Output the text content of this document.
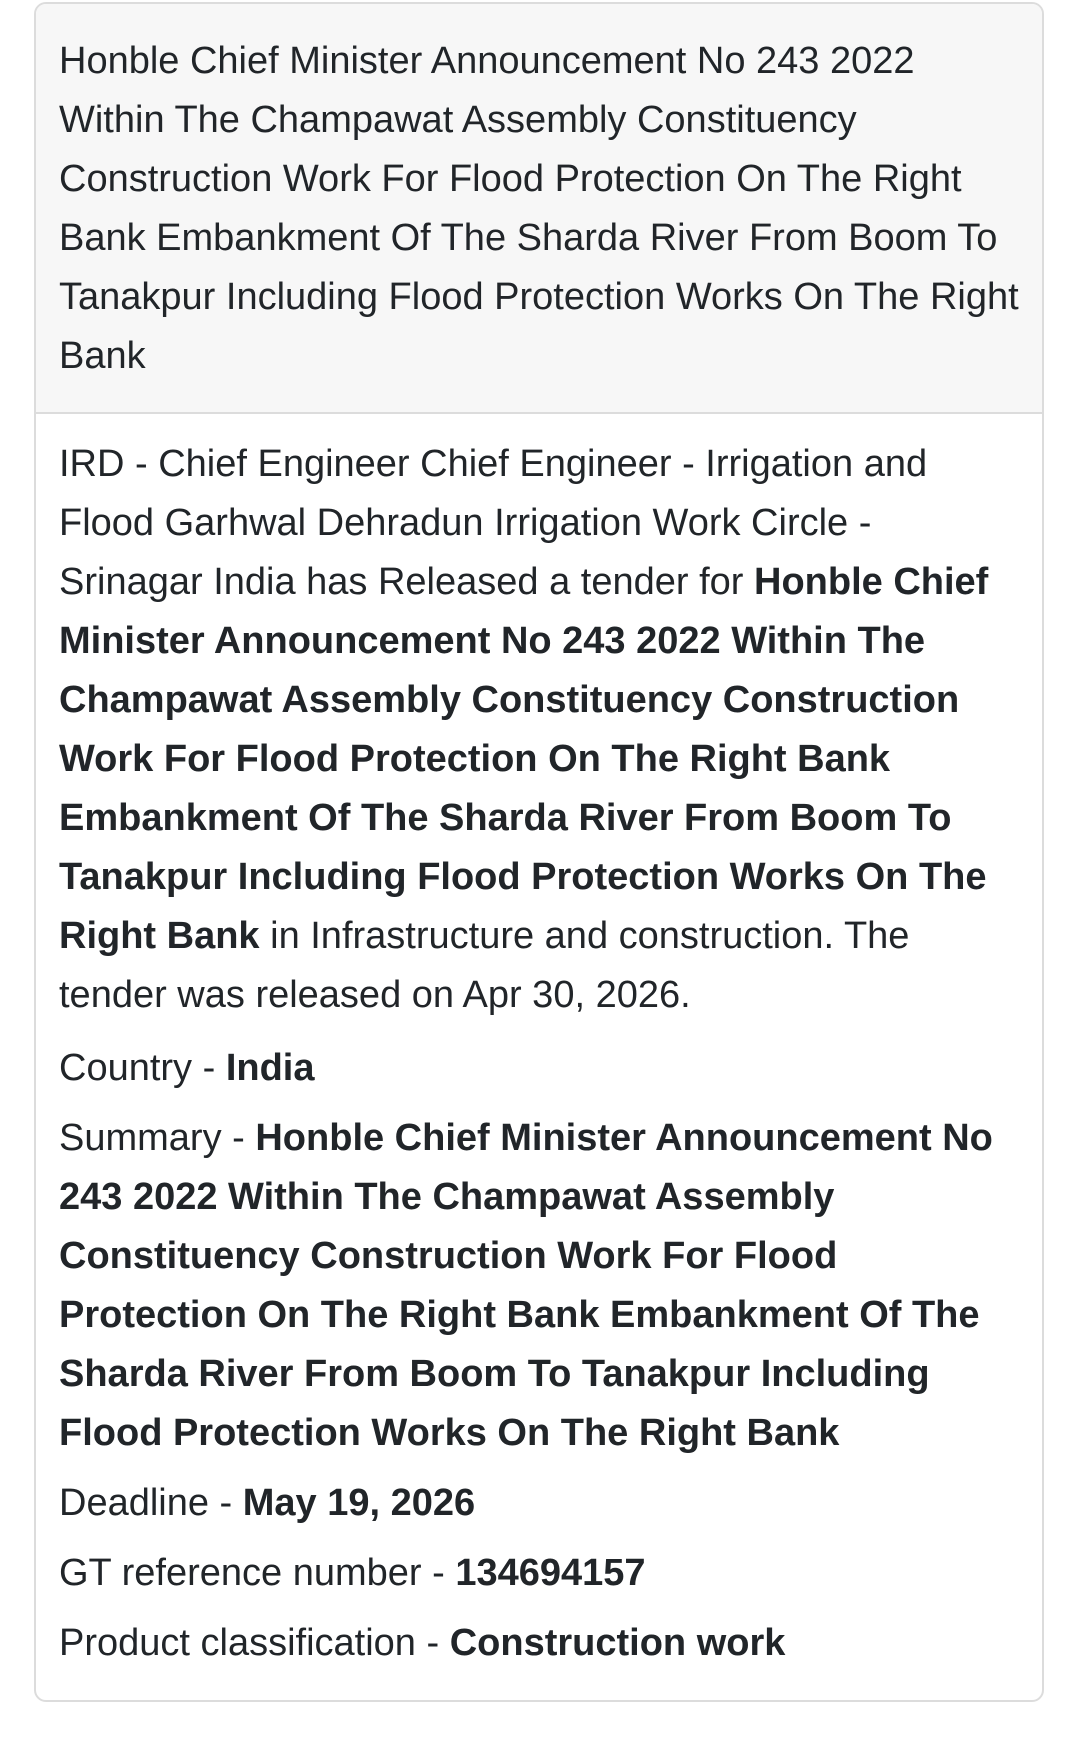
Honble Chief Minister Announcement No 243 2022 Within The Champawat Assembly Constituency Construction Work For Flood Protection On The Right Bank Embankment Of The Sharda River From Boom To Tanakpur Including Flood Protection Works On The Right Bank

IRD - Chief Engineer Chief Engineer - Irrigation and Flood Garhwal Dehradun Irrigation Work Circle - Srinagar India has Released a tender for Honble Chief Minister Announcement No 243 2022 Within The Champawat Assembly Constituency Construction Work For Flood Protection On The Right Bank Embankment Of The Sharda River From Boom To Tanakpur Including Flood Protection Works On The Right Bank in Infrastructure and construction. The tender was released on Apr 30, 2026.

Country - India

Summary - Honble Chief Minister Announcement No 243 2022 Within The Champawat Assembly Constituency Construction Work For Flood Protection On The Right Bank Embankment Of The Sharda River From Boom To Tanakpur Including Flood Protection Works On The Right Bank

Deadline - May 19, 2026

GT reference number - 134694157

Product classification - Construction work
